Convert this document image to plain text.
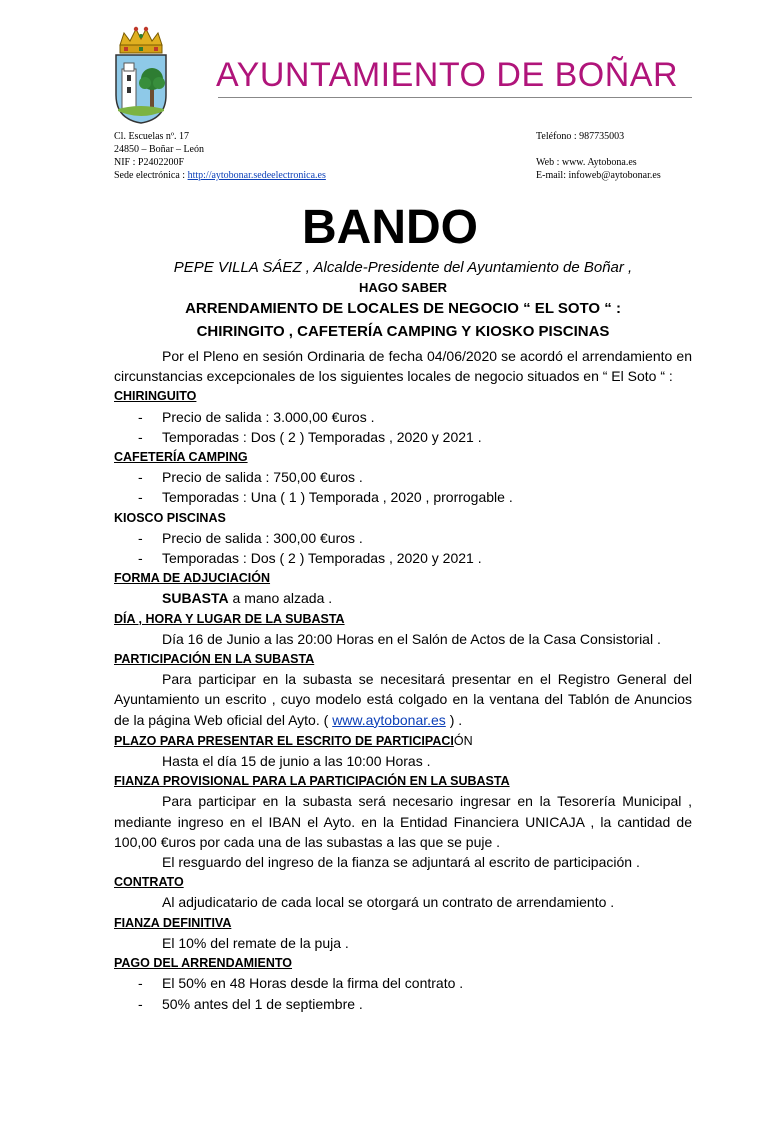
AYUNTAMIENTO DE BOÑAR
Cl. Escuelas nº. 17
24850 – Boñar – León
NIF : P2402200F
Sede electrónica : http://aytobonar.sedeelectronica.es
Teléfono : 987735003

Web : www. Aytobona.es
E-mail: infoweb@aytobonar.es
BANDO
PEPE VILLA SÁEZ , Alcalde-Presidente del Ayuntamiento de Boñar ,
HAGO SABER
ARRENDAMIENTO DE LOCALES DE NEGOCIO “ EL SOTO “ :
CHIRINGITO , CAFETERÍA CAMPING Y KIOSKO PISCINAS

Por el Pleno en sesión Ordinaria de fecha 04/06/2020 se acordó el arrendamiento en circunstancias excepcionales de los siguientes locales de negocio situados en “ El Soto “ :

CHIRINGUITO
- Precio de salida : 3.000,00 €uros .
- Temporadas : Dos ( 2 ) Temporadas , 2020 y 2021 .
CAFETERÍA CAMPING
- Precio de salida : 750,00 €uros .
- Temporadas : Una ( 1 ) Temporada , 2020 , prorrogable .
KIOSCO PISCINAS
- Precio de salida : 300,00 €uros .
- Temporadas : Dos ( 2 ) Temporadas , 2020 y 2021 .
FORMA DE ADJUCIACIÓN

SUBASTA a mano alzada .

DÍA , HORA Y LUGAR DE LA SUBASTA

Día 16 de Junio a las 20:00 Horas en el Salón de Actos de la Casa Consistorial .

PARTICIPACIÓN EN LA SUBASTA

Para participar en la subasta se necesitará presentar en el Registro General del Ayuntamiento un escrito , cuyo modelo está colgado en la ventana del Tablón de Anuncios de la página Web oficial del Ayto. ( www.aytobonar.es ) .

PLAZO PARA PRESENTAR EL ESCRITO DE PARTICIPACIÓN

Hasta el día 15 de junio a las 10:00 Horas .

FIANZA PROVISIONAL PARA LA PARTICIPACIÓN EN LA SUBASTA

Para participar en la subasta será necesario ingresar en la Tesorería Municipal , mediante ingreso en el IBAN el Ayto. en la Entidad Financiera UNICAJA , la cantidad de 100,00 €uros por cada una de las subastas a las que se puje .

El resguardo del ingreso de la fianza se adjuntará al escrito de participación .

CONTRATO

Al adjudicatario de cada local se otorgará un contrato de arrendamiento .

FIANZA DEFINITIVA

El 10% del remate de la puja .

PAGO DEL ARRENDAMIENTO
- El 50% en 48 Horas desde la firma del contrato .
- 50% antes del 1 de septiembre .
